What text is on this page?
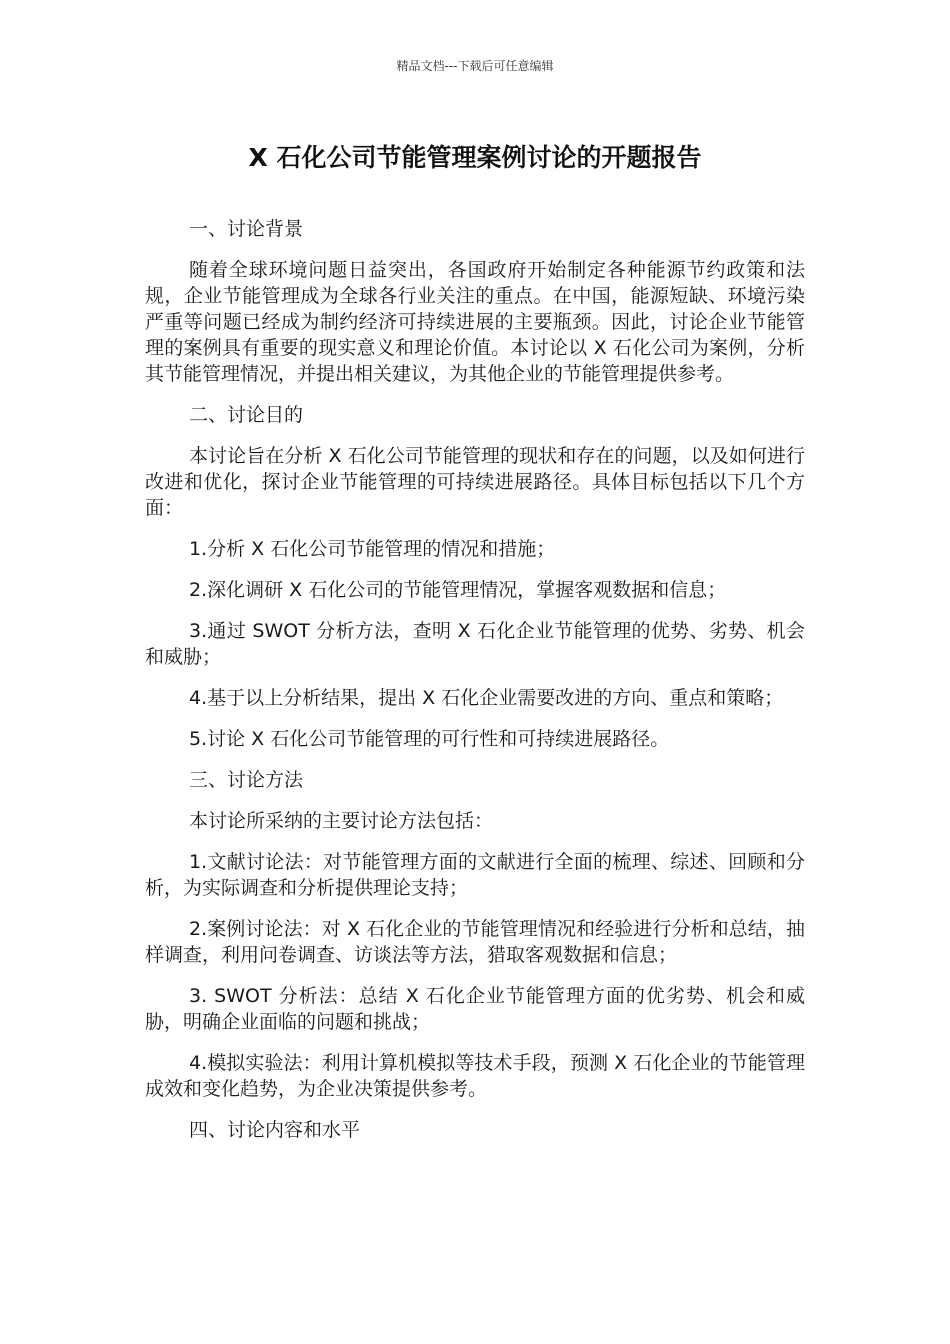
精品文档---下载后可任意编辑
X 石化公司节能管理案例讨论的开题报告

一、讨论背景

随着全球环境问题日益突出，各国政府开始制定各种能源节约政策和法规，企业节能管理成为全球各行业关注的重点。在中国，能源短缺、环境污染严重等问题已经成为制约经济可持续进展的主要瓶颈。因此，讨论企业节能管理的案例具有重要的现实意义和理论价值。本讨论以 X 石化公司为案例，分析其节能管理情况，并提出相关建议，为其他企业的节能管理提供参考。

二、讨论目的

本讨论旨在分析 X 石化公司节能管理的现状和存在的问题，以及如何进行改进和优化，探讨企业节能管理的可持续进展路径。具体目标包括以下几个方面：

1.分析 X 石化公司节能管理的情况和措施；

2.深化调研 X 石化公司的节能管理情况，掌握客观数据和信息；

3.通过 SWOT 分析方法，查明 X 石化企业节能管理的优势、劣势、机会和威胁；

4.基于以上分析结果，提出 X 石化企业需要改进的方向、重点和策略；

5.讨论 X 石化公司节能管理的可行性和可持续进展路径。

三、讨论方法

本讨论所采纳的主要讨论方法包括：

1.文献讨论法：对节能管理方面的文献进行全面的梳理、综述、回顾和分析，为实际调查和分析提供理论支持；

2.案例讨论法：对 X 石化企业的节能管理情况和经验进行分析和总结，抽样调查，利用问卷调查、访谈法等方法，猎取客观数据和信息；

3. SWOT 分析法：总结 X 石化企业节能管理方面的优劣势、机会和威胁，明确企业面临的问题和挑战；

4.模拟实验法：利用计算机模拟等技术手段，预测 X 石化企业的节能管理成效和变化趋势，为企业决策提供参考。

四、讨论内容和水平
